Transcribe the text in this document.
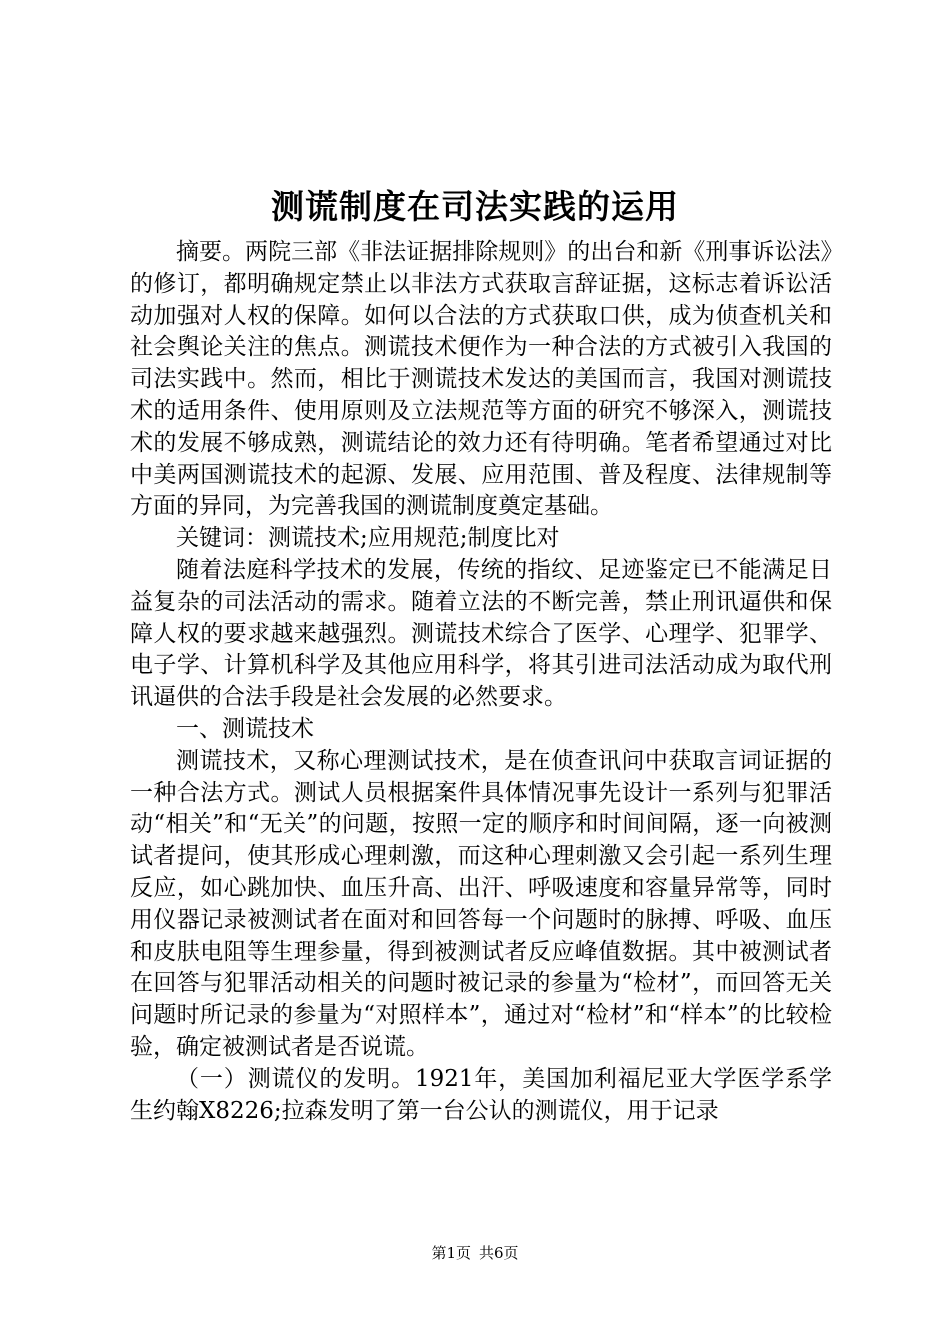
测谎制度在司法实践的运用

摘要。两院三部《非法证据排除规则》的出台和新《刑事诉讼法》的修订，都明确规定禁止以非法方式获取言辞证据，这标志着诉讼活动加强对人权的保障。如何以合法的方式获取口供，成为侦查机关和社会舆论关注的焦点。测谎技术便作为一种合法的方式被引入我国的司法实践中。然而，相比于测谎技术发达的美国而言，我国对测谎技术的适用条件、使用原则及立法规范等方面的研究不够深入，测谎技术的发展不够成熟，测谎结论的效力还有待明确。笔者希望通过对比中美两国测谎技术的起源、发展、应用范围、普及程度、法律规制等方面的异同，为完善我国的测谎制度奠定基础。

关键词：测谎技术;应用规范;制度比对

随着法庭科学技术的发展，传统的指纹、足迹鉴定已不能满足日益复杂的司法活动的需求。随着立法的不断完善，禁止刑讯逼供和保障人权的要求越来越强烈。测谎技术综合了医学、心理学、犯罪学、电子学、计算机科学及其他应用科学，将其引进司法活动成为取代刑讯逼供的合法手段是社会发展的必然要求。

一、测谎技术

测谎技术，又称心理测试技术，是在侦查讯问中获取言词证据的一种合法方式。测试人员根据案件具体情况事先设计一系列与犯罪活动“相关”和“无关”的问题，按照一定的顺序和时间间隔，逐一向被测试者提问，使其形成心理刺激，而这种心理刺激又会引起一系列生理反应，如心跳加快、血压升高、出汗、呼吸速度和容量异常等，同时用仪器记录被测试者在面对和回答每一个问题时的脉搏、呼吸、血压和皮肤电阻等生理参量，得到被测试者反应峰值数据。其中被测试者在回答与犯罪活动相关的问题时被记录的参量为“检材”，而回答无关问题时所记录的参量为“对照样本”，通过对“检材”和“样本”的比较检验，确定被测试者是否说谎。

（一）测谎仪的发明。1921年，美国加利福尼亚大学医学系学生约翰X8226;拉森发明了第一台公认的测谎仪，用于记录

第1页 共6页
